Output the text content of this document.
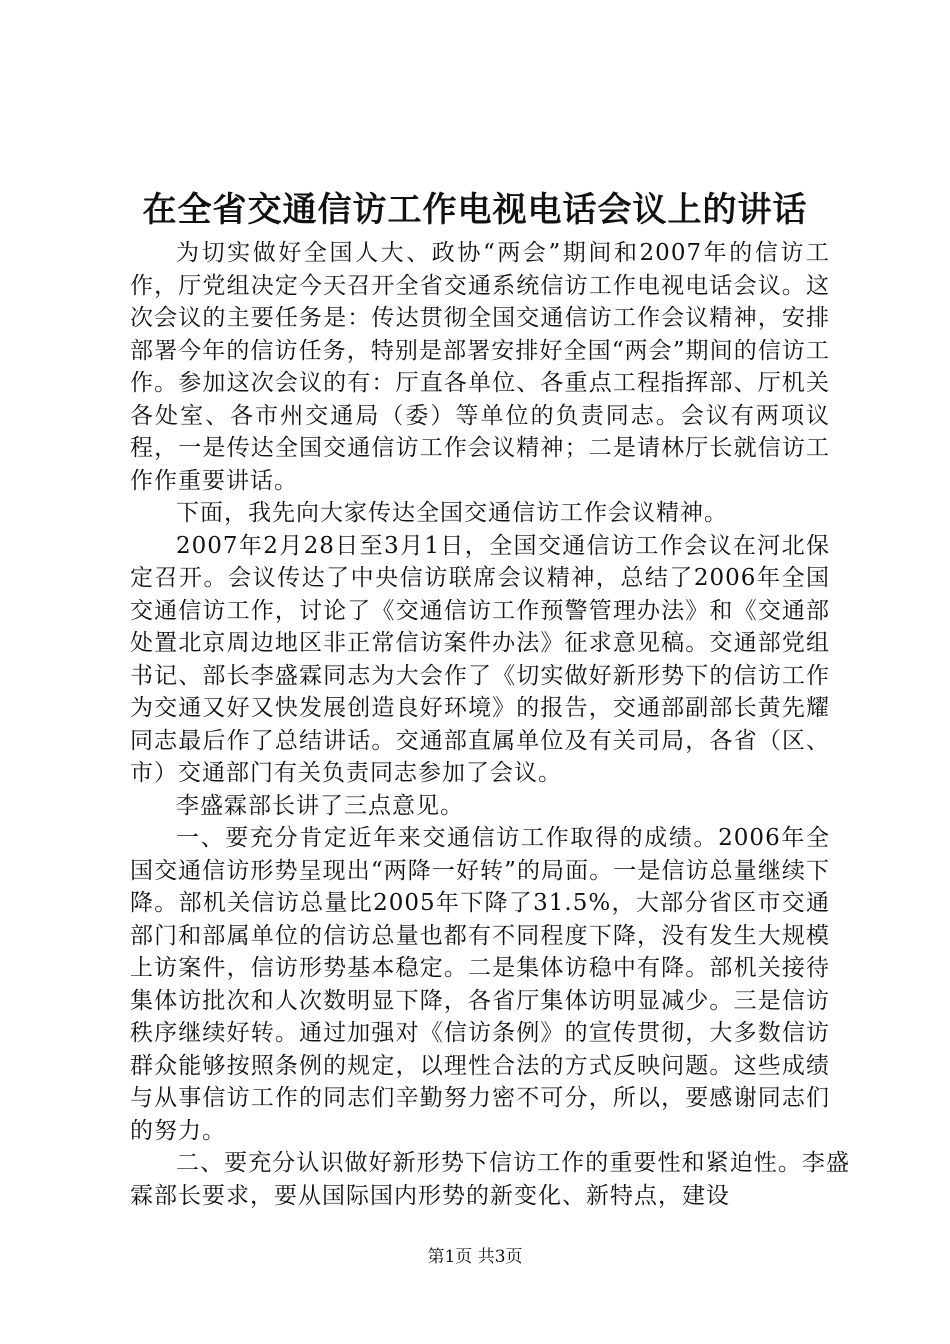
在全省交通信访工作电视电话会议上的讲话

为切实做好全国人大、政协“两会”期间和2007年的信访工作，厅党组决定今天召开全省交通系统信访工作电视电话会议。这次会议的主要任务是：传达贯彻全国交通信访工作会议精神，安排部署今年的信访任务，特别是部署安排好全国“两会”期间的信访工作。参加这次会议的有：厅直各单位、各重点工程指挥部、厅机关各处室、各市州交通局（委）等单位的负责同志。会议有两项议程，一是传达全国交通信访工作会议精神；二是请林厅长就信访工作作重要讲话。

下面，我先向大家传达全国交通信访工作会议精神。

2007年2月28日至3月1日，全国交通信访工作会议在河北保定召开。会议传达了中央信访联席会议精神，总结了2006年全国交通信访工作，讨论了《交通信访工作预警管理办法》和《交通部处置北京周边地区非正常信访案件办法》征求意见稿。交通部党组书记、部长李盛霖同志为大会作了《切实做好新形势下的信访工作为交通又好又快发展创造良好环境》的报告，交通部副部长黄先耀同志最后作了总结讲话。交通部直属单位及有关司局，各省（区、市）交通部门有关负责同志参加了会议。

李盛霖部长讲了三点意见。

一、要充分肯定近年来交通信访工作取得的成绩。2006年全国交通信访形势呈现出“两降一好转”的局面。一是信访总量继续下降。部机关信访总量比2005年下降了31.5%，大部分省区市交通部门和部属单位的信访总量也都有不同程度下降，没有发生大规模上访案件，信访形势基本稳定。二是集体访稳中有降。部机关接待集体访批次和人次数明显下降，各省厅集体访明显减少。三是信访秩序继续好转。通过加强对《信访条例》的宣传贯彻，大多数信访群众能够按照条例的规定，以理性合法的方式反映问题。这些成绩与从事信访工作的同志们辛勤努力密不可分，所以，要感谢同志们的努力。

二、要充分认识做好新形势下信访工作的重要性和紧迫性。李盛霖部长要求，要从国际国内形势的新变化、新特点，建设

第1页 共3页
